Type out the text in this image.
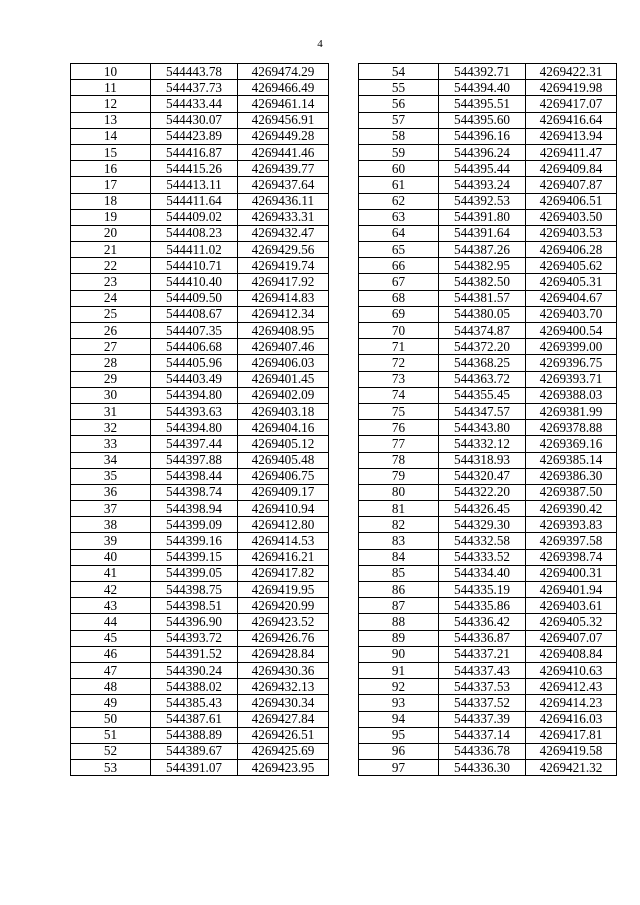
4
10	544443.78	4269474.29
11	544437.73	4269466.49
12	544433.44	4269461.14
13	544430.07	4269456.91
14	544423.89	4269449.28
15	544416.87	4269441.46
16	544415.26	4269439.77
17	544413.11	4269437.64
18	544411.64	4269436.11
19	544409.02	4269433.31
20	544408.23	4269432.47
21	544411.02	4269429.56
22	544410.71	4269419.74
23	544410.40	4269417.92
24	544409.50	4269414.83
25	544408.67	4269412.34
26	544407.35	4269408.95
27	544406.68	4269407.46
28	544405.96	4269406.03
29	544403.49	4269401.45
30	544394.80	4269402.09
31	544393.63	4269403.18
32	544394.80	4269404.16
33	544397.44	4269405.12
34	544397.88	4269405.48
35	544398.44	4269406.75
36	544398.74	4269409.17
37	544398.94	4269410.94
38	544399.09	4269412.80
39	544399.16	4269414.53
40	544399.15	4269416.21
41	544399.05	4269417.82
42	544398.75	4269419.95
43	544398.51	4269420.99
44	544396.90	4269423.52
45	544393.72	4269426.76
46	544391.52	4269428.84
47	544390.24	4269430.36
48	544388.02	4269432.13
49	544385.43	4269430.34
50	544387.61	4269427.84
51	544388.89	4269426.51
52	544389.67	4269425.69
53	544391.07	4269423.95
54	544392.71	4269422.31
55	544394.40	4269419.98
56	544395.51	4269417.07
57	544395.60	4269416.64
58	544396.16	4269413.94
59	544396.24	4269411.47
60	544395.44	4269409.84
61	544393.24	4269407.87
62	544392.53	4269406.51
63	544391.80	4269403.50
64	544391.64	4269403.53
65	544387.26	4269406.28
66	544382.95	4269405.62
67	544382.50	4269405.31
68	544381.57	4269404.67
69	544380.05	4269403.70
70	544374.87	4269400.54
71	544372.20	4269399.00
72	544368.25	4269396.75
73	544363.72	4269393.71
74	544355.45	4269388.03
75	544347.57	4269381.99
76	544343.80	4269378.88
77	544332.12	4269369.16
78	544318.93	4269385.14
79	544320.47	4269386.30
80	544322.20	4269387.50
81	544326.45	4269390.42
82	544329.30	4269393.83
83	544332.58	4269397.58
84	544333.52	4269398.74
85	544334.40	4269400.31
86	544335.19	4269401.94
87	544335.86	4269403.61
88	544336.42	4269405.32
89	544336.87	4269407.07
90	544337.21	4269408.84
91	544337.43	4269410.63
92	544337.53	4269412.43
93	544337.52	4269414.23
94	544337.39	4269416.03
95	544337.14	4269417.81
96	544336.78	4269419.58
97	544336.30	4269421.32
